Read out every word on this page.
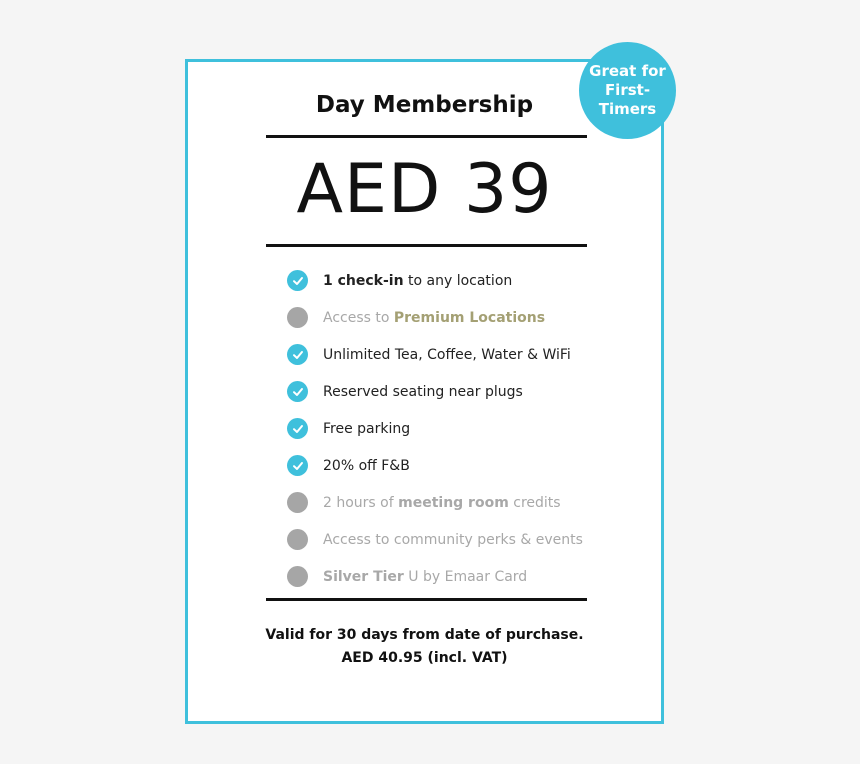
Day Membership
AED 39
1 check-in to any location
Access to Premium Locations
Unlimited Tea, Coffee, Water & WiFi
Reserved seating near plugs
Free parking
20% off F&B
2 hours of meeting room credits
Access to community perks & events
Silver Tier U by Emaar Card
Valid for 30 days from date of purchase.
AED 40.95 (incl. VAT)
Great for First-Timers
